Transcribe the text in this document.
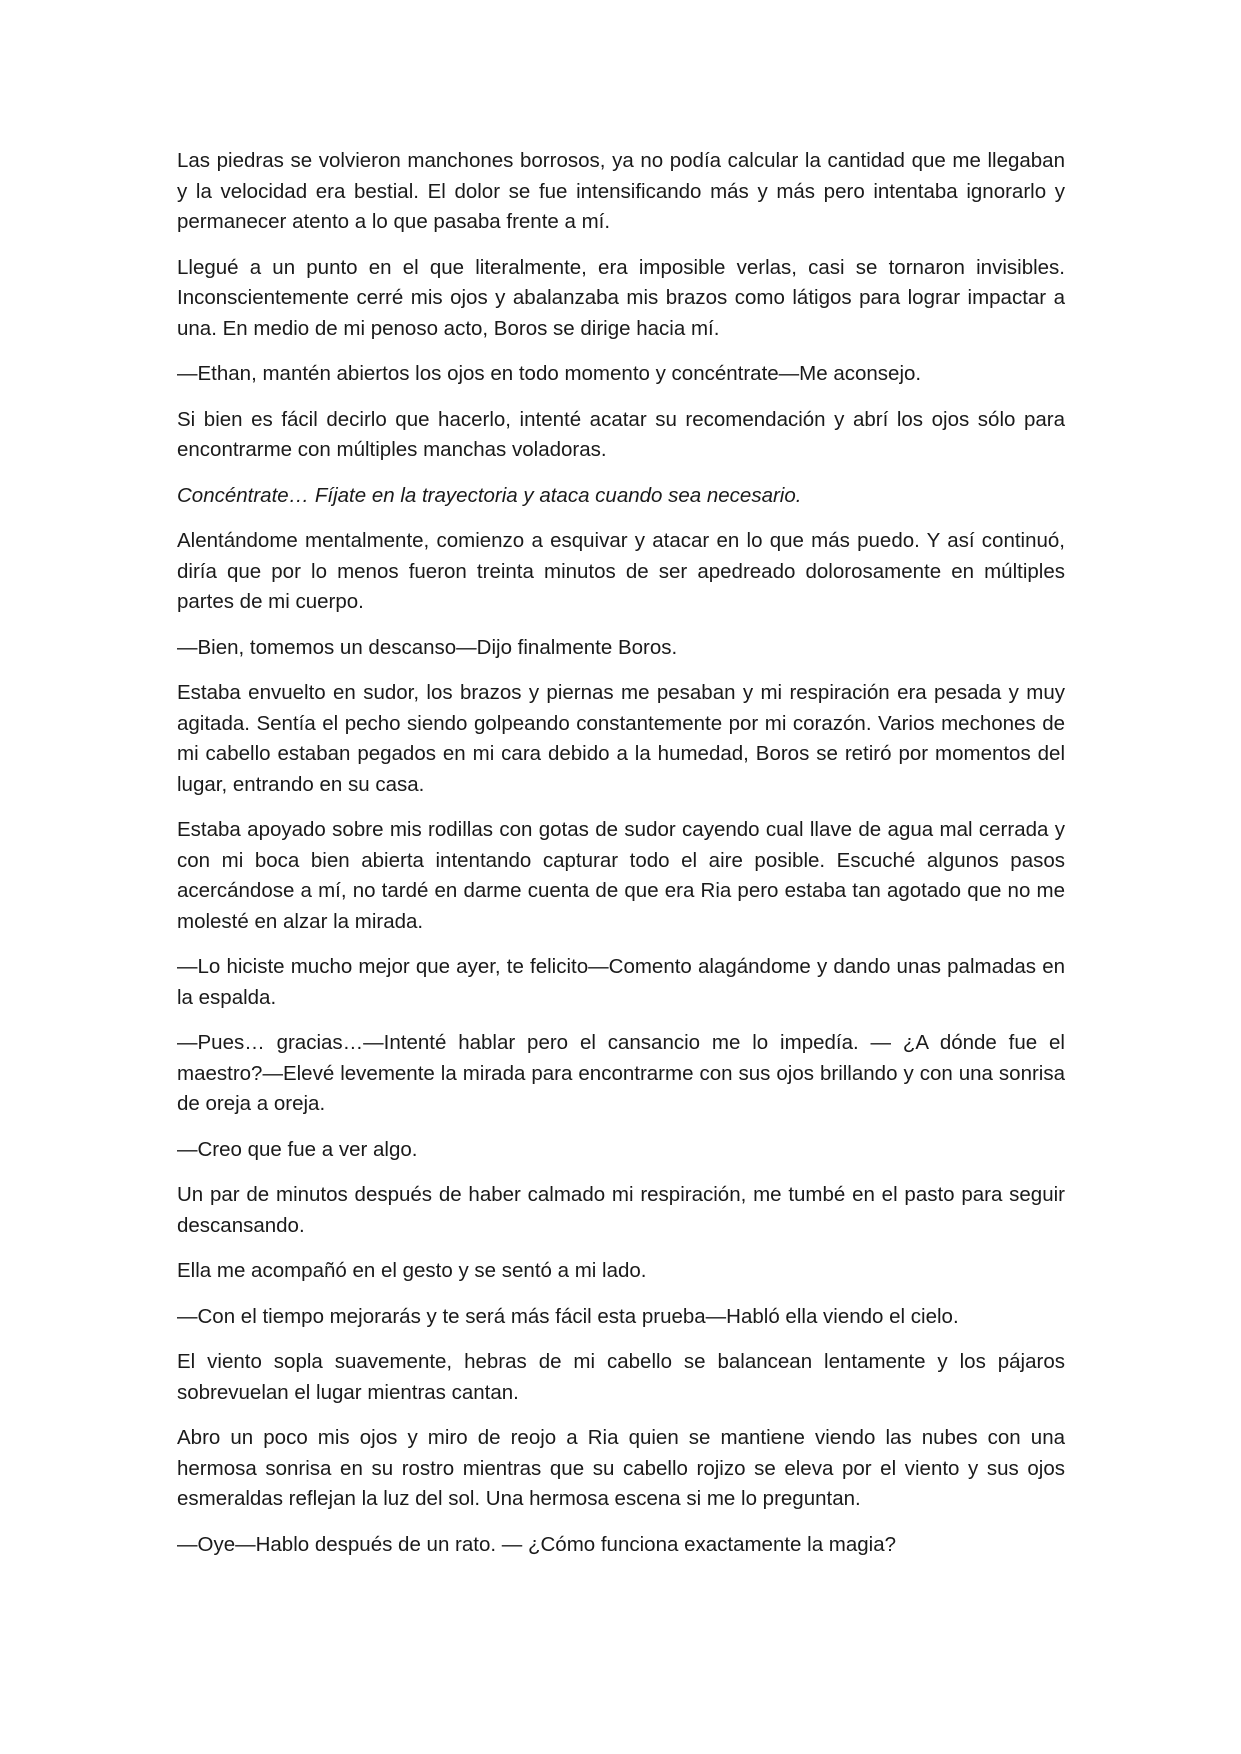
Las piedras se volvieron manchones borrosos, ya no podía calcular la cantidad que me llegaban y la velocidad era bestial. El dolor se fue intensificando más y más pero intentaba ignorarlo y permanecer atento a lo que pasaba frente a mí.

Llegué a un punto en el que literalmente, era imposible verlas, casi se tornaron invisibles. Inconscientemente cerré mis ojos y abalanzaba mis brazos como látigos para lograr impactar a una. En medio de mi penoso acto, Boros se dirige hacia mí.

—Ethan, mantén abiertos los ojos en todo momento y concéntrate—Me aconsejo.

Si bien es fácil decirlo que hacerlo, intenté acatar su recomendación y abrí los ojos sólo para encontrarme con múltiples manchas voladoras.

Concéntrate… Fíjate en la trayectoria y ataca cuando sea necesario.

Alentándome mentalmente, comienzo a esquivar y atacar en lo que más puedo. Y así continuó, diría que por lo menos fueron treinta minutos de ser apedreado dolorosamente en múltiples partes de mi cuerpo.

—Bien, tomemos un descanso—Dijo finalmente Boros.

Estaba envuelto en sudor, los brazos y piernas me pesaban y mi respiración era pesada y muy agitada. Sentía el pecho siendo golpeando constantemente por mi corazón. Varios mechones de mi cabello estaban pegados en mi cara debido a la humedad, Boros se retiró por momentos del lugar, entrando en su casa.

Estaba apoyado sobre mis rodillas con gotas de sudor cayendo cual llave de agua mal cerrada y con mi boca bien abierta intentando capturar todo el aire posible. Escuché algunos pasos acercándose a mí, no tardé en darme cuenta de que era Ria pero estaba tan agotado que no me molesté en alzar la mirada.

—Lo hiciste mucho mejor que ayer, te felicito—Comento alagándome y dando unas palmadas en la espalda.

—Pues… gracias…—Intenté hablar pero el cansancio me lo impedía. — ¿A dónde fue el maestro?—Elevé levemente la mirada para encontrarme con sus ojos brillando y con una sonrisa de oreja a oreja.

—Creo que fue a ver algo.

Un par de minutos después de haber calmado mi respiración, me tumbé en el pasto para seguir descansando.

Ella me acompañó en el gesto y se sentó a mi lado.

—Con el tiempo mejorarás y te será más fácil esta prueba—Habló ella viendo el cielo.

El viento sopla suavemente, hebras de mi cabello se balancean lentamente y los pájaros sobrevuelan el lugar mientras cantan.

Abro un poco mis ojos y miro de reojo a Ria quien se mantiene viendo las nubes con una hermosa sonrisa en su rostro mientras que su cabello rojizo se eleva por el viento y sus ojos esmeraldas reflejan la luz del sol. Una hermosa escena si me lo preguntan.

—Oye—Hablo después de un rato. — ¿Cómo funciona exactamente la magia?
